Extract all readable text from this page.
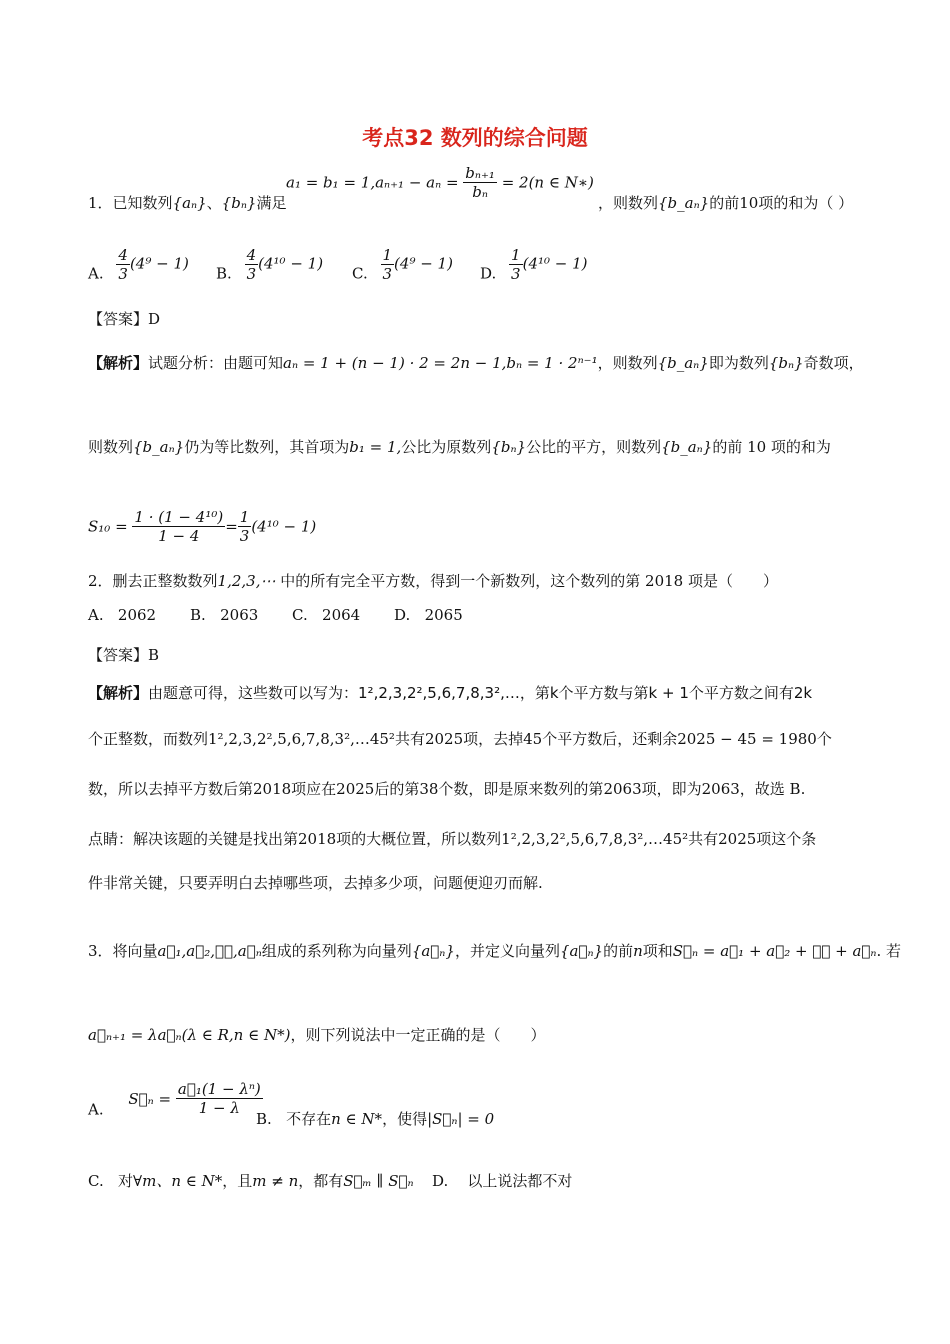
考点32 数列的综合问题
1．已知数列{aₙ}、{bₙ}满足
$a_1 = b_1 = 1,a_{n+1} - a_n = \frac{\text{bₙ₊₁}}{\text{bₙ}} = 2(n$ ∈ N∗)
，则数列{b_aₙ}的前10项的和为（ ）
A. $\frac{4}{3} (4^9 - 1)$
B. $\frac{4}{3} (4^{10} - 1)$
C. $\frac{1}{3} (4^9 - 1)$
D. $\frac{1}{3} (4^{10} - 1)$
【答案】D
【解析】试题分析：由题可知aₙ = 1 + (n − 1) · 2 = 2n − 1,bₙ = 1 · 2ⁿ⁻¹，则数列{b_aₙ}即为数列{bₙ}奇数项，
则数列{b_aₙ}仍为等比数列，其首项为b₁ = 1,公比为原数列{bₙ}公比的平方，则数列{b_aₙ}的前 10 项的和为
$S_{10} = \frac{\text{1 · (1 − 4¹⁰)}}{1 - 4} = \frac{1}{3} (4^{10} - 1)$
2．删去正整数数列1,2,3,⋯ 中的所有完全平方数，得到一个新数列，这个数列的第 2018 项是（　　）
A. 2062 B. 2063 C. 2064 D. 2065
【答案】B
【解析】由题意可得，这些数可以写为：1²,2,3,2²,5,6,7,8,3²,…，第k个平方数与第k + 1个平方数之间有2k
个正整数，而数列1²,2,3,2²,5,6,7,8,3²,…45²共有2025项，去掉45个平方数后，还剩余2025 − 45 = 1980个
数，所以去掉平方数后第2018项应在2025后的第38个数，即是原来数列的第2063项，即为2063，故选 B.
点睛：解决该题的关键是找出第2018项的大概位置，所以数列1²,2,3,2²,5,6,7,8,3²,…45²共有2025项这个条
件非常关键，只要弄明白去掉哪些项，去掉多少项，问题便迎刃而解.
3．将向量a⃗₁,a⃗₂,⋯⋯,a⃗ₙ组成的系列称为向量列{a⃗ₙ}，并定义向量列{a⃗ₙ}的前n项和S⃗ₙ = a⃗₁ + a⃗₂ + ⋯⋯ + a⃗ₙ. 若
a⃗ₙ₊₁ = λa⃗ₙ(λ ∈ R,n ∈ N*)，则下列说法中一定正确的是（　　）
A. S⃗ₙ = $\frac{\text{a⃗₁(1 − λⁿ)}}{1 - \lambda}$
B. 不存在n ∈ N*，使得|S⃗ₙ| = 0
C. 对∀m、n ∈ N*，且m ≠ n，都有S⃗ₘ ∥ S⃗ₙ D. 以上说法都不对
